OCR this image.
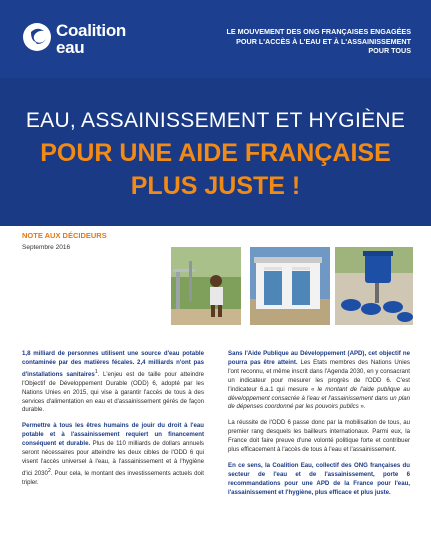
Coalition
eau
LE MOUVEMENT DES ONG FRANÇAISES ENGAGÉES
POUR L'ACCÈS À L'EAU ET À L'ASSAINISSEMENT
POUR TOUS
EAU, ASSAINISSEMENT ET HYGIÈNE
POUR UNE AIDE FRANÇAISE
PLUS JUSTE !
NOTE AUX DÉCIDEURS
Septembre 2016

1,8 milliard de personnes utilisent une source d'eau potable contaminée par des matières fécales. 2,4 milliards n'ont pas d'installations sanitaires$^1$. L'enjeu est de taille pour atteindre l'Objectif de Développement Durable (ODD) 6, adopté par les Nations Unies en 2015, qui vise à garantir l'accès de tous à des services d'alimentation en eau et d'assainissement gérés de façon durable.

Permettre à tous les êtres humains de jouir du droit à l'eau potable et à l'assainissement requiert un financement conséquent et durable. Plus de 110 milliards de dollars annuels seront nécessaires pour atteindre les deux cibles de l'ODD 6 qui visent l'accès universel à l'eau, à l'assainissement et à l'hygiène d'ici 2030$^2$. Pour cela, le montant des investissements actuels doit tripler.

Sans l'Aide Publique au Développement (APD), cet objectif ne pourra pas être atteint. Les Etats membres des Nations Unies l'ont reconnu, et même inscrit dans l'Agenda 2030, en y consacrant un indicateur pour mesurer les progrès de l'ODD 6. C'est l'indicateur 6.a.1 qui mesure « le montant de l'aide publique au développement consacrée à l'eau et l'assainissement dans un plan de dépenses coordonné par les pouvoirs publics ».

La réussite de l'ODD 6 passe donc par la mobilisation de tous, au premier rang desquels les bailleurs internationaux. Parmi eux, la France doit faire preuve d'une volonté politique forte et contribuer plus efficacement à l'accès de tous à l'eau et l'assainissement.

En ce sens, la Coalition Eau, collectif des ONG françaises du secteur de l'eau et de l'assainissement, porte 6 recommandations pour une APD de la France pour l'eau, l'assainissement et l'hygiène, plus efficace et plus juste.
